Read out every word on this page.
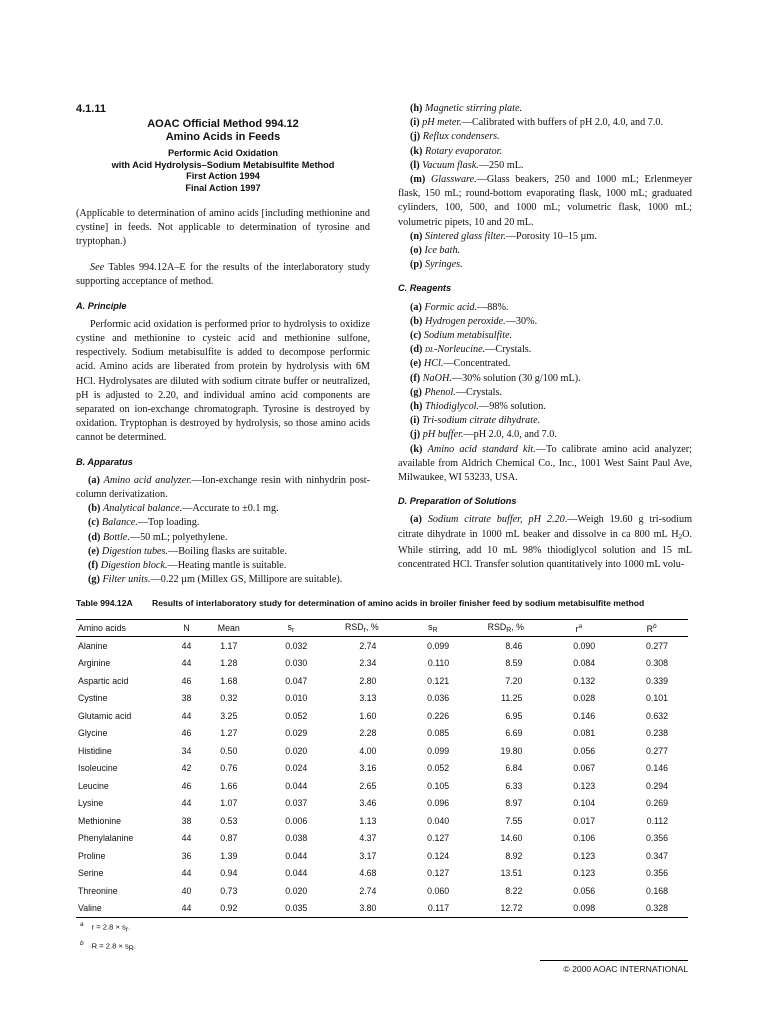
4.1.11
AOAC Official Method 994.12
Amino Acids in Feeds
Performic Acid Oxidation
with Acid Hydrolysis–Sodium Metabisulfite Method
First Action 1994
Final Action 1997
(Applicable to determination of amino acids [including methionine and cystine] in feeds. Not applicable to determination of tyrosine and tryptophan.)
See Tables 994.12A–E for the results of the interlaboratory study supporting acceptance of method.
A. Principle
Performic acid oxidation is performed prior to hydrolysis to oxidize cystine and methionine to cysteic acid and methionine sulfone, respectively. Sodium metabisulfite is added to decompose performic acid. Amino acids are liberated from protein by hydrolysis with 6M HCl. Hydrolysates are diluted with sodium citrate buffer or neutralized, pH is adjusted to 2.20, and individual amino acid components are separated on ion-exchange chromatograph. Tyrosine is destroyed by oxidation. Tryptophan is destroyed by hydrolysis, so those amino acids cannot be determined.
B. Apparatus
(a) Amino acid analyzer.—Ion-exchange resin with ninhydrin post-column derivatization.
(b) Analytical balance.—Accurate to ±0.1 mg.
(c) Balance.—Top loading.
(d) Bottle.—50 mL; polyethylene.
(e) Digestion tubes.—Boiling flasks are suitable.
(f) Digestion block.—Heating mantle is suitable.
(g) Filter units.—0.22 µm (Millex GS, Millipore are suitable).
(h) Magnetic stirring plate.
(i) pH meter.—Calibrated with buffers of pH 2.0, 4.0, and 7.0.
(j) Reflux condensers.
(k) Rotary evaporator.
(l) Vacuum flask.—250 mL.
(m) Glassware.—Glass beakers, 250 and 1000 mL; Erlenmeyer flask, 150 mL; round-bottom evaporating flask, 1000 mL; graduated cylinders, 100, 500, and 1000 mL; volumetric flask, 1000 mL; volumetric pipets, 10 and 20 mL.
(n) Sintered glass filter.—Porosity 10–15 µm.
(o) Ice bath.
(p) Syringes.
C. Reagents
(a) Formic acid.—88%.
(b) Hydrogen peroxide.—30%.
(c) Sodium metabisulfite.
(d) dl-Norleucine.—Crystals.
(e) HCl.—Concentrated.
(f) NaOH.—30% solution (30 g/100 mL).
(g) Phenol.—Crystals.
(h) Thiodiglycol.—98% solution.
(i) Tri-sodium citrate dihydrate.
(j) pH buffer.—pH 2.0, 4.0, and 7.0.
(k) Amino acid standard kit.—To calibrate amino acid analyzer; available from Aldrich Chemical Co., Inc., 1001 West Saint Paul Ave, Milwaukee, WI 53233, USA.
D. Preparation of Solutions
(a) Sodium citrate buffer, pH 2.20.—Weigh 19.60 g tri-sodium citrate dihydrate in 1000 mL beaker and dissolve in ca 800 mL $H_2O$. While stirring, add 10 mL 98% thiodiglycol solution and 15 mL concentrated HCl. Transfer solution quantitatively into 1000 mL volu-
Table 994.12A	Results of interlaboratory study for determination of amino acids in broiler finisher feed by sodium metabisulfite method
Amino acids	N	Mean	$s_r$	$RSD_r$, %	$s_R$	$RSD_R$, %	$r^a$	$R^b$
Alanine	44	1.17	0.032	2.74	0.099	8.46	0.090	0.277
Arginine	44	1.28	0.030	2.34	0.110	8.59	0.084	0.308
Aspartic acid	46	1.68	0.047	2.80	0.121	7.20	0.132	0.339
Cystine	38	0.32	0.010	3.13	0.036	11.25	0.028	0.101
Glutamic acid	44	3.25	0.052	1.60	0.226	6.95	0.146	0.632
Glycine	46	1.27	0.029	2.28	0.085	6.69	0.081	0.238
Histidine	34	0.50	0.020	4.00	0.099	19.80	0.056	0.277
Isoleucine	42	0.76	0.024	3.16	0.052	6.84	0.067	0.146
Leucine	46	1.66	0.044	2.65	0.105	6.33	0.123	0.294
Lysine	44	1.07	0.037	3.46	0.096	8.97	0.104	0.269
Methionine	38	0.53	0.006	1.13	0.040	7.55	0.017	0.112
Phenylalanine	44	0.87	0.038	4.37	0.127	14.60	0.106	0.356
Proline	36	1.39	0.044	3.17	0.124	8.92	0.123	0.347
Serine	44	0.94	0.044	4.68	0.127	13.51	0.123	0.356
Threonine	40	0.73	0.020	2.74	0.060	8.22	0.056	0.168
Valine	44	0.92	0.035	3.80	0.117	12.72	0.098	0.328
$^a$ r = 2.8 × sr.
$^b$ R = 2.8 × sR.
© 2000 AOAC INTERNATIONAL
